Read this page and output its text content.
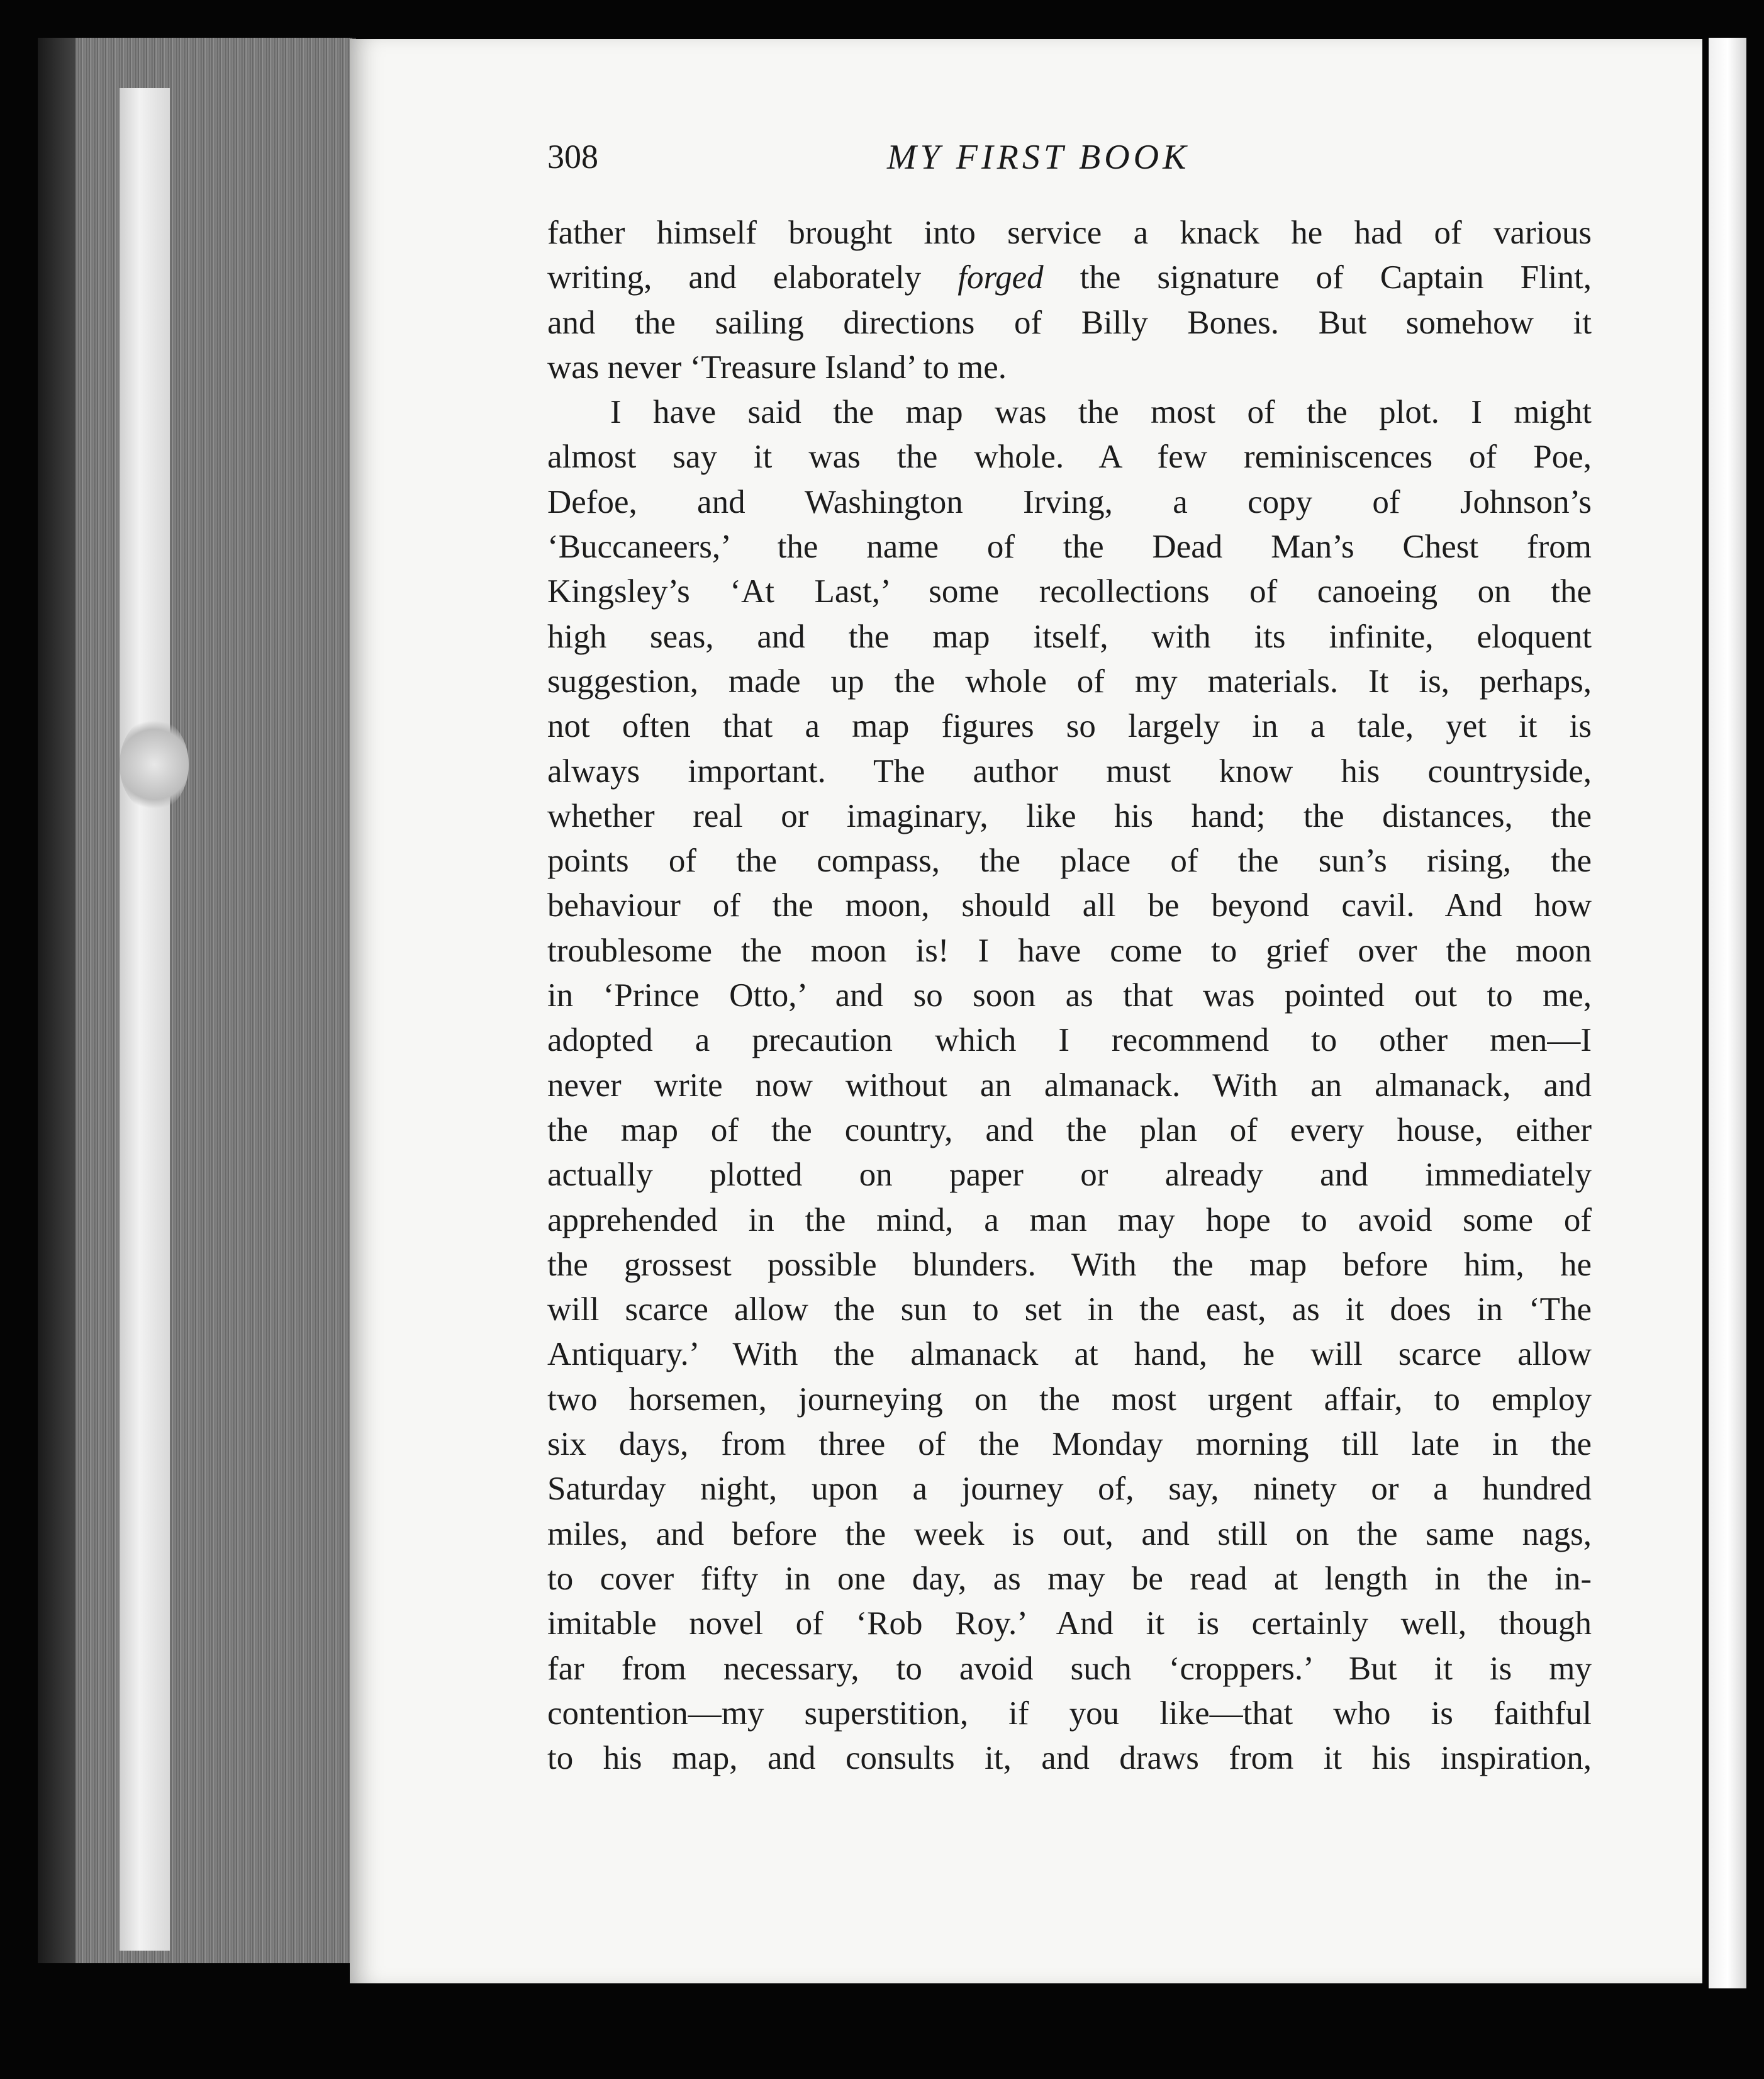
308	MY FIRST BOOK
father himself brought into service a knack he had of various
writing, and elaborately forged the signature of Captain Flint,
and the sailing directions of Billy Bones. But somehow it
was never ‘Treasure Island’ to me.
I have said the map was the most of the plot. I might
almost say it was the whole. A few reminiscences of Poe,
Defoe, and Washington Irving, a copy of Johnson’s
‘Buccaneers,’ the name of the Dead Man’s Chest from
Kingsley’s ‘At Last,’ some recollections of canoeing on the
high seas, and the map itself, with its infinite, eloquent
suggestion, made up the whole of my materials. It is, perhaps,
not often that a map figures so largely in a tale, yet it is
always important. The author must know his countryside,
whether real or imaginary, like his hand; the distances, the
points of the compass, the place of the sun’s rising, the
behaviour of the moon, should all be beyond cavil. And how
troublesome the moon is! I have come to grief over the moon
in ‘Prince Otto,’ and so soon as that was pointed out to me,
adopted a precaution which I recommend to other men—I
never write now without an almanack. With an almanack, and
the map of the country, and the plan of every house, either
actually plotted on paper or already and immediately
apprehended in the mind, a man may hope to avoid some of
the grossest possible blunders. With the map before him, he
will scarce allow the sun to set in the east, as it does in ‘The
Antiquary.’ With the almanack at hand, he will scarce allow
two horsemen, journeying on the most urgent affair, to employ
six days, from three of the Monday morning till late in the
Saturday night, upon a journey of, say, ninety or a hundred
miles, and before the week is out, and still on the same nags,
to cover fifty in one day, as may be read at length in the in-
imitable novel of ‘Rob Roy.’ And it is certainly well, though
far from necessary, to avoid such ‘croppers.’ But it is my
contention—my superstition, if you like—that who is faithful
to his map, and consults it, and draws from it his inspiration,
